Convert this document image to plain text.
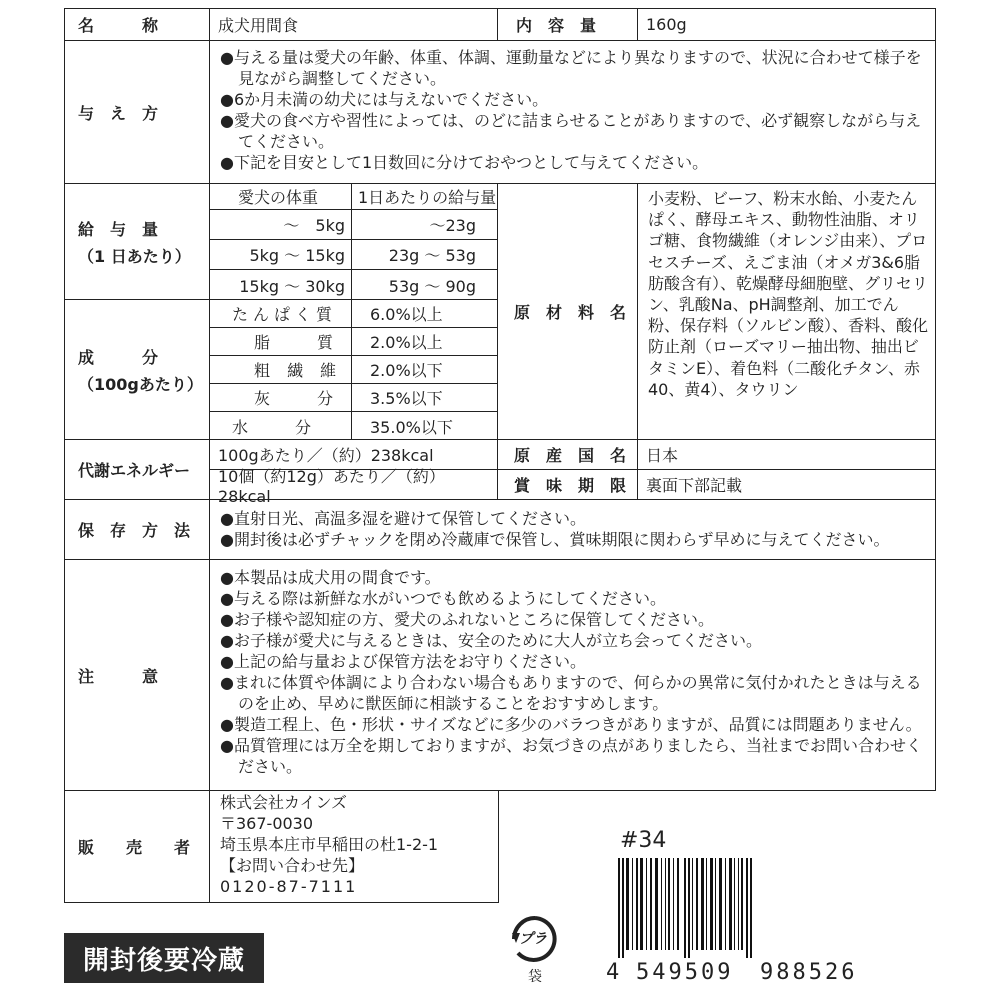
名　　　称	成犬用間食	内　容　量	160g
与　え　方
●与える量は愛犬の年齢、体重、体調、運動量などにより異なりますので、状況に合わせて様子を見ながら調整してください。
●6か月未満の幼犬には与えないでください。
●愛犬の食べ方や習性によっては、のどに詰まらせることがありますので、必ず観察しながら与えてください。
●下記を目安として1日数回に分けておやつとして与えてください。
給　与　量
（1 日あたり）
愛犬の体重 1日あたりの給与量
〜　5kg	〜23g
5kg 〜 15kg	23g 〜 53g
15kg 〜 30kg	53g 〜 90g
成　　　分
（100gあたり）
たんぱく質 6.0%以上
脂　　質 2.0%以上
粗 繊 維 2.0%以下
灰　　分 3.5%以下
水　　分	35.0%以下
原　材　料　名
小麦粉、ビーフ、粉末水飴、小麦たんぱく、酵母エキス、動物性油脂、オリゴ糖、食物繊維（オレンジ由来）、プロセスチーズ、えごま油（オメガ3&6脂肪酸含有）、乾燥酵母細胞壁、グリセリン、乳酸Na、pH調整剤、加工でん粉、保存料（ソルビン酸）、香料、酸化防止剤（ローズマリー抽出物、抽出ビタミンE）、着色料（二酸化チタン、赤40、黄4）、タウリン
代謝エネルギー
100gあたり／（約）238kcal
10個（約12g）あたり／（約）28kcal
原　産　国　名 日本
賞　味　期　限 裏面下部記載
保　存　方　法
●直射日光、高温多湿を避けて保管してください。
●開封後は必ずチャックを閉め冷蔵庫で保管し、賞味期限に関わらず早めに与えてください。
注　　　意
●本製品は成犬用の間食です。
●与える際は新鮮な水がいつでも飲めるようにしてください。
●お子様や認知症の方、愛犬のふれないところに保管してください。
●お子様が愛犬に与えるときは、安全のために大人が立ち会ってください。
●上記の給与量および保管方法をお守りください。
●まれに体質や体調により合わない場合もありますので、何らかの異常に気付かれたときは与えるのを止め、早めに獣医師に相談することをおすすめします。
●製造工程上、色・形状・サイズなどに多少のバラつきがありますが、品質には問題ありません。
●品質管理には万全を期しておりますが、お気づきの点がありましたら、当社までお問い合わせください。
販　　売　　者
株式会社カインズ
〒367-0030
埼玉県本庄市早稲田の杜1-2-1
【お問い合わせ先】
0120-87-7111
開封後要冷蔵
プラ
袋
#34
4 549509 988526
